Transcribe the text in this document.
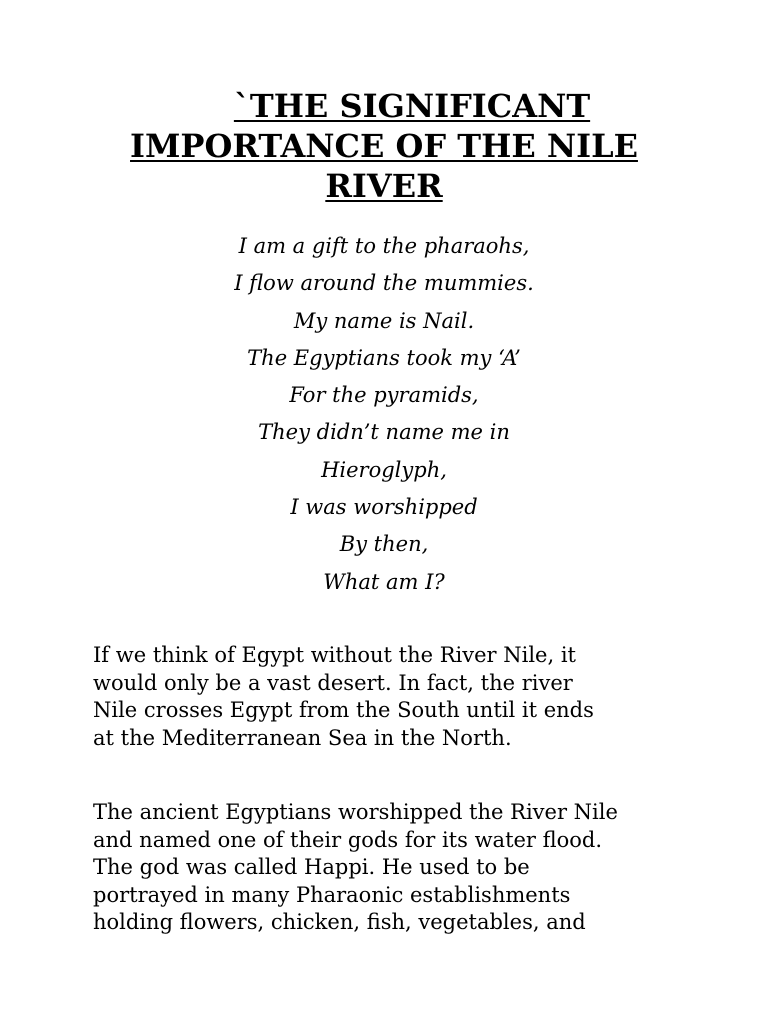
`THE SIGNIFICANT
IMPORTANCE OF THE NILE
RIVER
I am a gift to the pharaohs,
I flow around the mummies.
My name is Nail.
The Egyptians took my ‘A’
For the pyramids,
They didn’t name me in
Hieroglyph,
I was worshipped
By then,
What am I?
If we think of Egypt without the River Nile, it
would only be a vast desert. In fact, the river
Nile crosses Egypt from the South until it ends
at the Mediterranean Sea in the North.
The ancient Egyptians worshipped the River Nile
and named one of their gods for its water flood.
The god was called Happi. He used to be
portrayed in many Pharaonic establishments
holding flowers, chicken, fish, vegetables, and
